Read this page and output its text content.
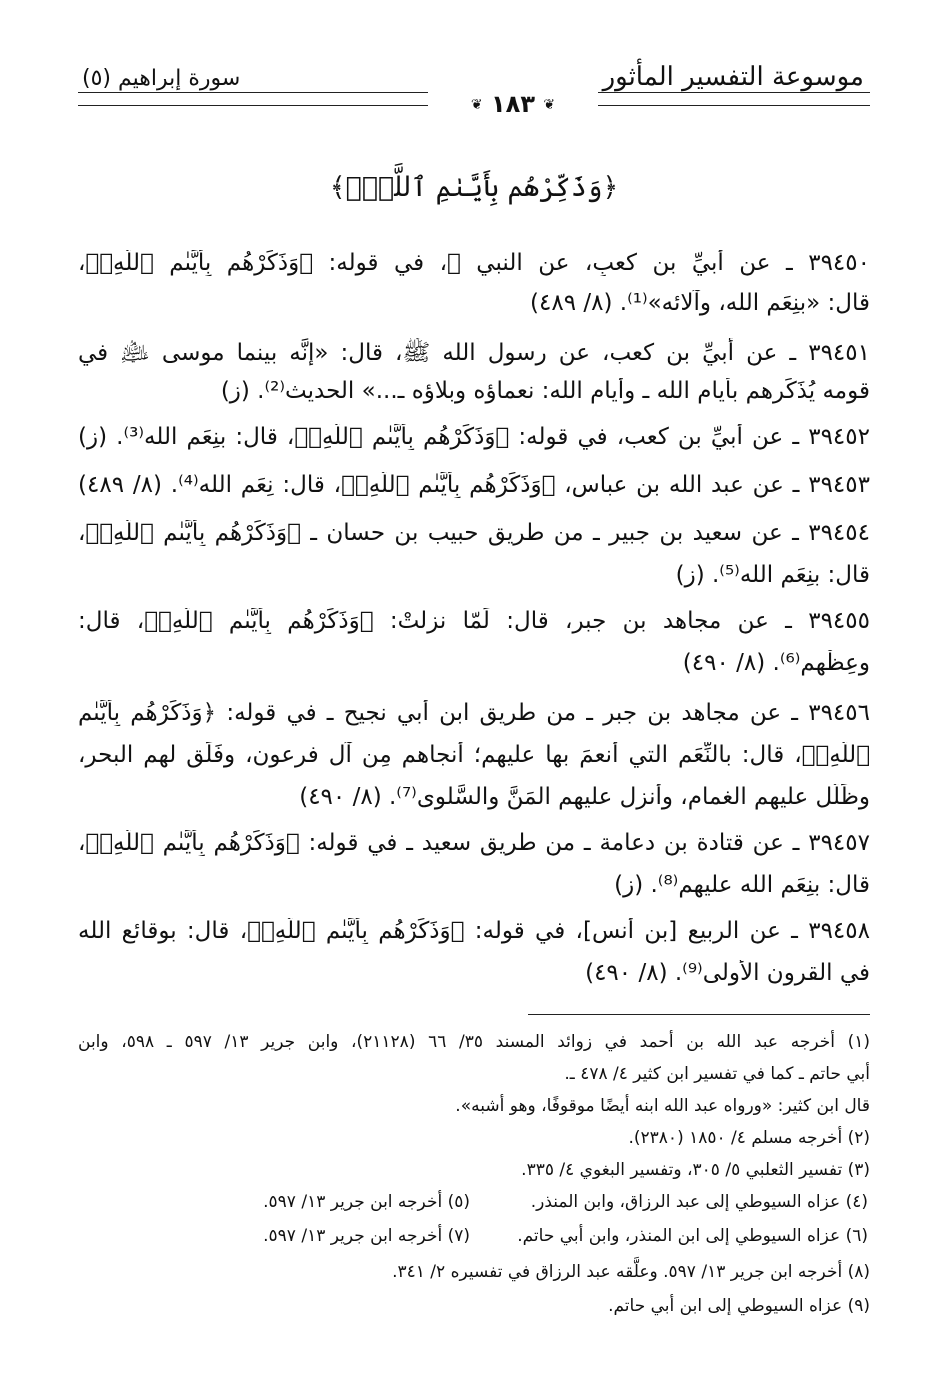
موسوعة التفسير المأثور
سورة إبراهيم (٥)
❦ ١٨٣ ❦
﴿وَذَكِّرْهُم بِأَيَّىٰمِ ٱللَّهِۚ﴾
٣٩٤٥٠ ـ عن أُبيِّ بن كعبٍ، عن النبي ﷺ، في قوله: ﴿وَذَكِّرْهُم بِأَيَّىٰمِ ٱللَّهِۚ﴾،
قال: «بنِعَم الله، وآلائه»⁽¹⁾. (٨/ ٤٨٩)
٣٩٤٥١ ـ عن أُبيِّ بن كعب، عن رسول الله ﷺ، قال: «إنَّه بينما موسى ﵇ في
قومه يُذَكِّرهم بأيام الله ـ وأيام الله: نعماؤه وبلاؤه ـ...» الحديث⁽²⁾. (ز)
٣٩٤٥٢ ـ عن أُبيِّ بن كعب، في قوله: ﴿وَذَكِّرْهُم بِأَيَّىٰمِ ٱللَّهِۚ﴾، قال: بنِعَم الله⁽³⁾. (ز)
٣٩٤٥٣ ـ عن عبد الله بن عباس، ﴿وَذَكِّرْهُم بِأَيَّىٰمِ ٱللَّهِۚ﴾، قال: نِعَم الله⁽⁴⁾. (٨/ ٤٨٩)
٣٩٤٥٤ ـ عن سعيد بن جبير ـ من طريق حبيب بن حسان ـ ﴿وَذَكِّرْهُم بِأَيَّىٰمِ ٱللَّهِۚ﴾،
قال: بنِعَم الله⁽⁵⁾. (ز)
٣٩٤٥٥ ـ عن مجاهد بن جبر، قال: لَمّا نزلتْ: ﴿وَذَكِّرْهُم بِأَيَّىٰمِ ٱللَّهِۚ﴾، قال:
وعِظْهم⁽⁶⁾. (٨/ ٤٩٠)
٣٩٤٥٦ ـ عن مجاهد بن جبر ـ من طريق ابن أبي نجيح ـ في قوله: ﴿وَذَكِّرْهُم بِأَيَّىٰمِ
ٱللَّهِۚ﴾، قال: بالنِّعَم التي أنعمَ بها عليهم؛ أنجاهم مِن آل فرعون، وفَلَق لهم البحر،
وظَلَّل عليهم الغمام، وأنزل عليهم المَنَّ والسَّلوى⁽⁷⁾. (٨/ ٤٩٠)
٣٩٤٥٧ ـ عن قتادة بن دعامة ـ من طريق سعيد ـ في قوله: ﴿وَذَكِّرْهُم بِأَيَّىٰمِ ٱللَّهِۚ﴾،
قال: بنِعَم الله عليهم⁽⁸⁾. (ز)
٣٩٤٥٨ ـ عن الربيع [بن أنس]، في قوله: ﴿وَذَكِّرْهُم بِأَيَّىٰمِ ٱللَّهِۚ﴾، قال: بوقائع الله
في القرون الأولى⁽⁹⁾. (٨/ ٤٩٠)
(١) أخرجه عبد الله بن أحمد في زوائد المسند ٣٥/ ٦٦ (٢١١٢٨)، وابن جرير ١٣/ ٥٩٧ ـ ٥٩٨، وابن
أبي حاتم ـ كما في تفسير ابن كثير ٤/ ٤٧٨ ـ.
قال ابن كثير: «ورواه عبد الله ابنه أيضًا موقوفًا، وهو أشبه».
(٢) أخرجه مسلم ٤/ ١٨٥٠ (٢٣٨٠).
(٣) تفسير الثعلبي ٥/ ٣٠٥، وتفسير البغوي ٤/ ٣٣٥.
(٤) عزاه السيوطي إلى عبد الرزاق، وابن المنذر.
(٥) أخرجه ابن جرير ١٣/ ٥٩٧.
(٦) عزاه السيوطي إلى ابن المنذر، وابن أبي حاتم.
(٧) أخرجه ابن جرير ١٣/ ٥٩٧.
(٨) أخرجه ابن جرير ١٣/ ٥٩٧. وعلَّقه عبد الرزاق في تفسيره ٢/ ٣٤١.
(٩) عزاه السيوطي إلى ابن أبي حاتم.
